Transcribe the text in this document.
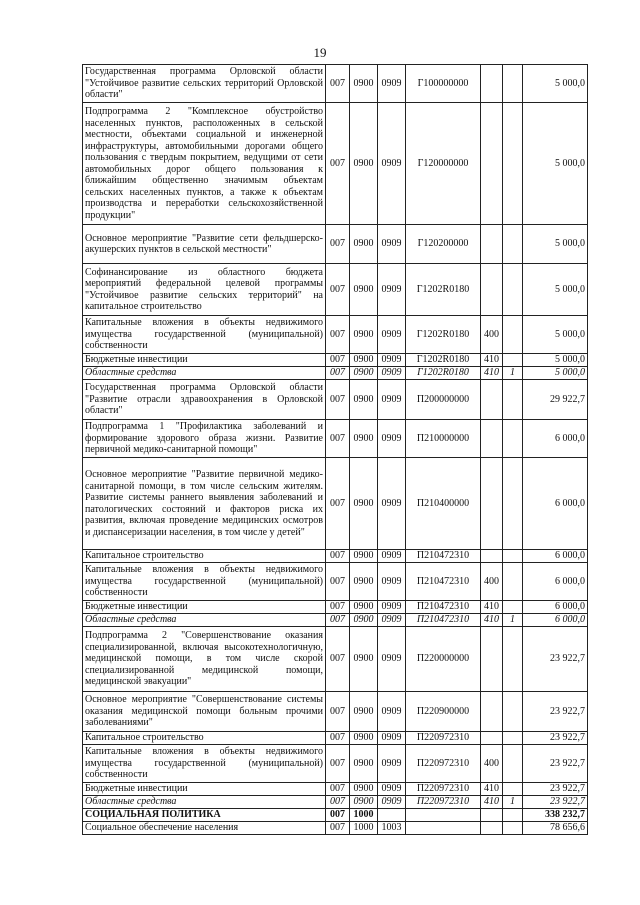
19
Государственная программа Орловской области "Устойчивое развитие сельских территорий Орловской области"	007	0900	0909	Г100000000			5 000,0
Подпрограмма 2 "Комплексное обустройство населенных пунктов, расположенных в сельской местности, объектами социальной и инженерной инфраструктуры, автомобильными дорогами общего пользования с твердым покрытием, ведущими от сети автомобильных дорог общего пользования к ближайшим общественно значимым объектам сельских населенных пунктов, а также к объектам производства и переработки сельскохозяйственной продукции"	007	0900	0909	Г120000000			5 000,0
Основное мероприятие "Развитие сети фельдшерско-акушерских пунктов в сельской местности"	007	0900	0909	Г120200000			5 000,0
Софинансирование из областного бюджета мероприятий федеральной целевой программы "Устойчивое развитие сельских территорий" на капитальное строительство	007	0900	0909	Г1202R0180			5 000,0
Капитальные вложения в объекты недвижимого имущества государственной (муниципальной) собственности	007	0900	0909	Г1202R0180	400		5 000,0
Бюджетные инвестиции	007	0900	0909	Г1202R0180	410		5 000,0
Областные средства	007	0900	0909	Г1202R0180	410	1	5 000,0
Государственная программа Орловской области "Развитие отрасли здравоохранения в Орловской области"	007	0900	0909	П200000000			29 922,7
Подпрограмма 1 "Профилактика заболеваний и формирование здорового образа жизни. Развитие первичной медико-санитарной помощи"	007	0900	0909	П210000000			6 000,0
Основное мероприятие "Развитие первичной медико-санитарной помощи, в том числе сельским жителям. Развитие системы раннего выявления заболеваний и патологических состояний и факторов риска их развития, включая проведение медицинских осмотров и диспансеризации населения, в том числе у детей"	007	0900	0909	П210400000			6 000,0
Капитальное строительство	007	0900	0909	П210472310			6 000,0
Капитальные вложения в объекты недвижимого имущества государственной (муниципальной) собственности	007	0900	0909	П210472310	400		6 000,0
Бюджетные инвестиции	007	0900	0909	П210472310	410		6 000,0
Областные средства	007	0900	0909	П210472310	410	1	6 000,0
Подпрограмма 2 "Совершенствование оказания специализированной, включая высокотехнологичную, медицинской помощи, в том числе скорой специализированной медицинской помощи, медицинской эвакуации"	007	0900	0909	П220000000			23 922,7
Основное мероприятие "Совершенствование системы оказания медицинской помощи больным прочими заболеваниями"	007	0900	0909	П220900000			23 922,7
Капитальное строительство	007	0900	0909	П220972310			23 922,7
Капитальные вложения в объекты недвижимого имущества государственной (муниципальной) собственности	007	0900	0909	П220972310	400		23 922,7
Бюджетные инвестиции	007	0900	0909	П220972310	410		23 922,7
Областные средства	007	0900	0909	П220972310	410	1	23 922,7
СОЦИАЛЬНАЯ ПОЛИТИКА	007	1000					338 232,7
Социальное обеспечение населения	007	1000	1003				78 656,6
